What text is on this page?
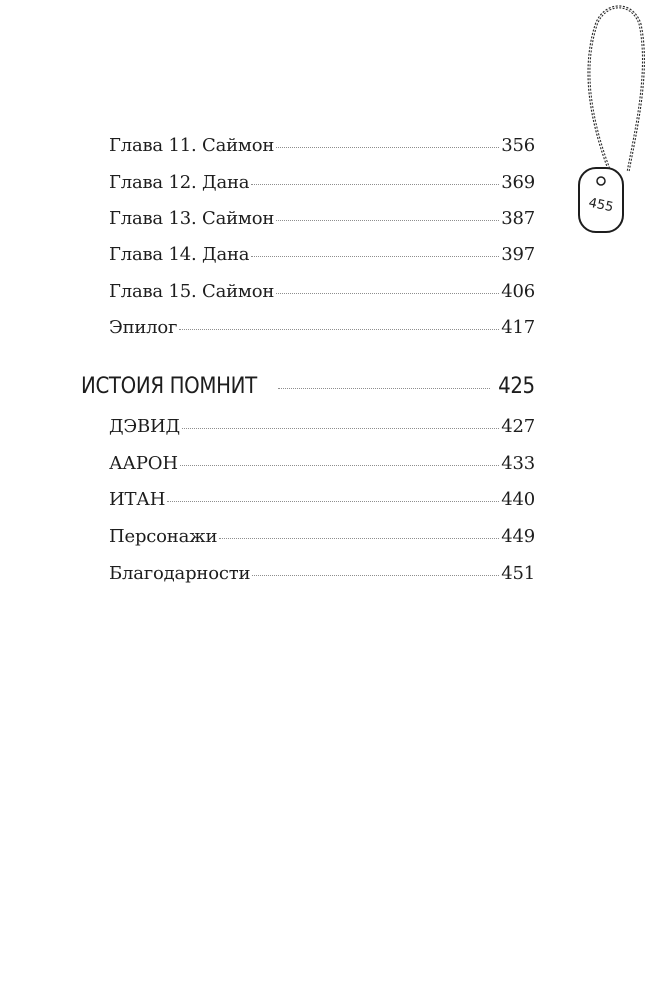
455
Глава 11. Саймон	356
Глава 12. Дана	369
Глава 13. Саймон	387
Глава 14. Дана	397
Глава 15. Саймон	406
Эпилог	417
ИСТОИЯ ПОМНИТ	425
ДЭВИД	427
ААРОН	433
ИТАН	440
Персонажи	449
Благодарности	451
